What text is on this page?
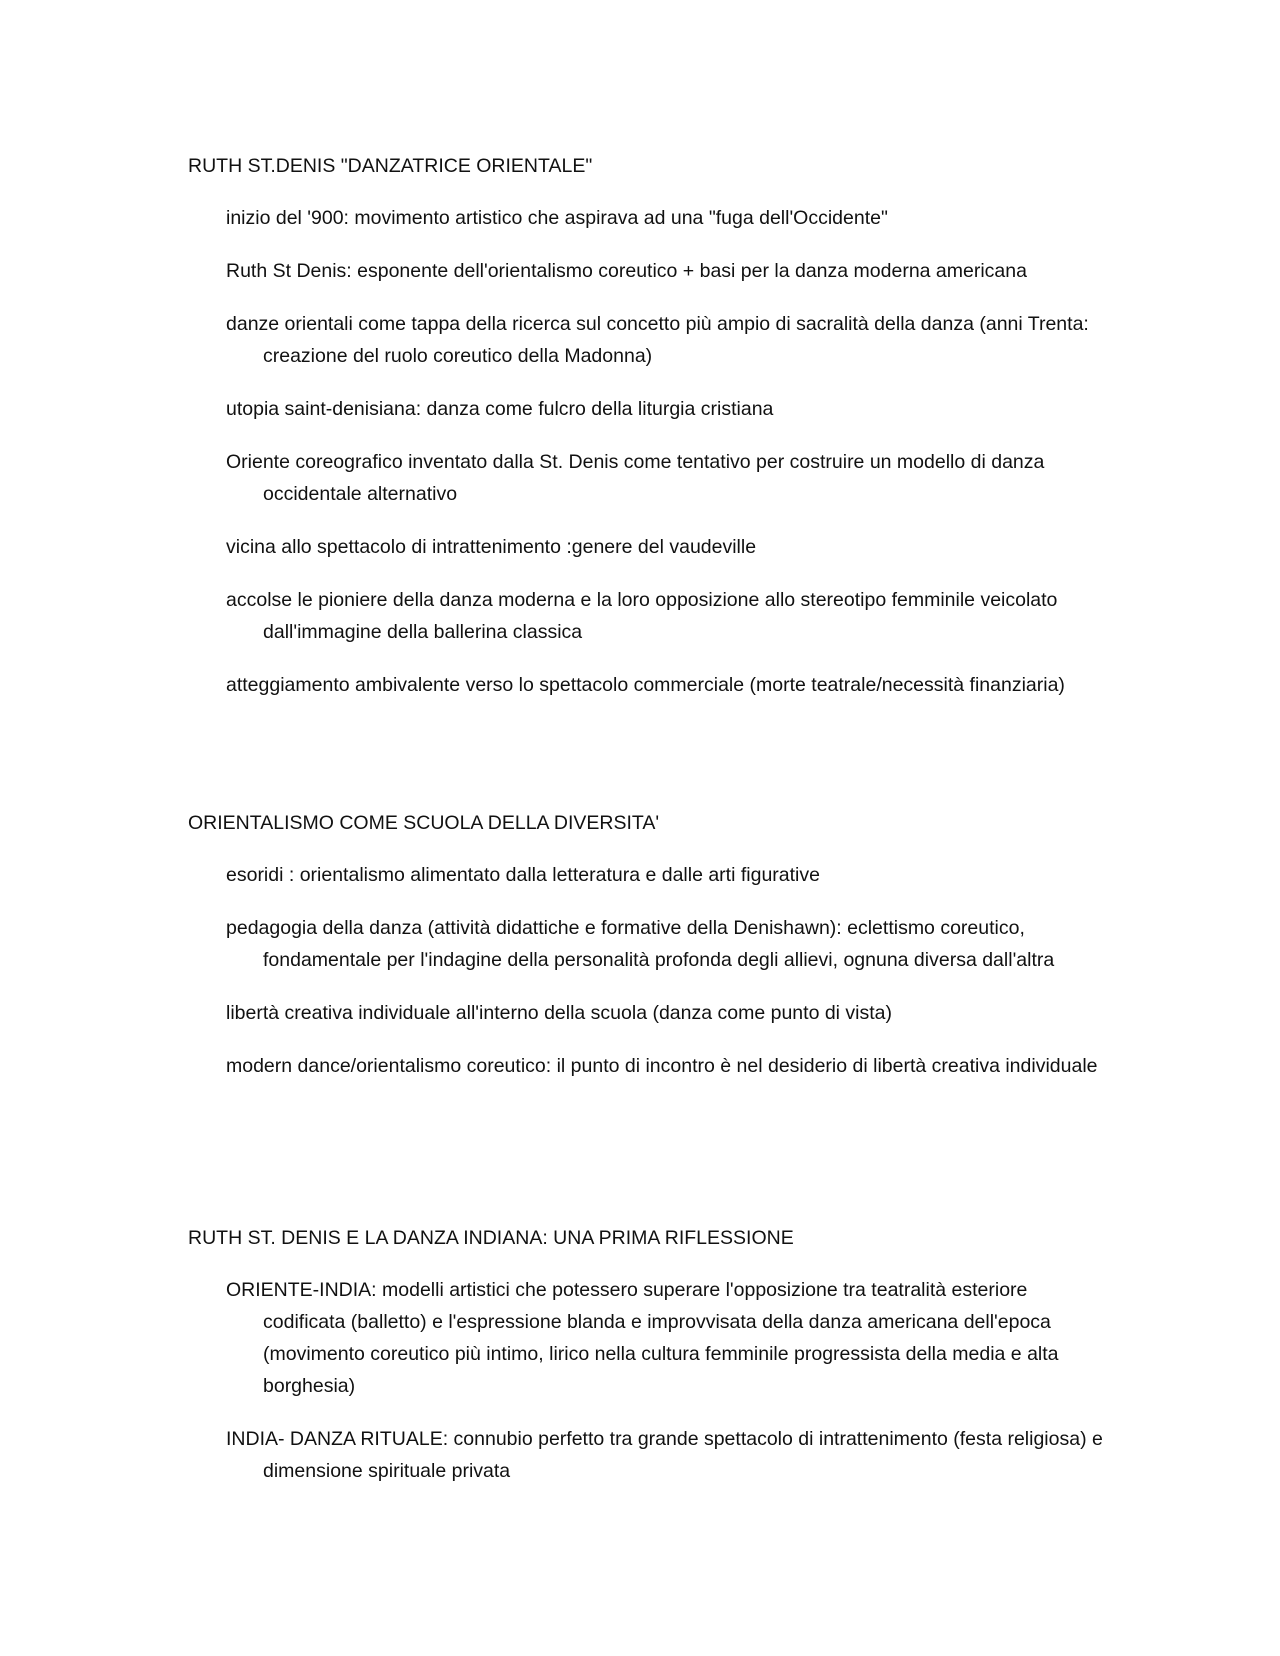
RUTH ST.DENIS "DANZATRICE ORIENTALE"
inizio del '900: movimento artistico che aspirava ad una "fuga dell'Occidente"
Ruth St Denis: esponente dell'orientalismo coreutico + basi per la danza moderna americana
danze orientali come tappa della ricerca sul concetto più ampio di sacralità della danza (anni Trenta: creazione del ruolo coreutico della Madonna)
utopia saint-denisiana: danza come fulcro della liturgia cristiana
Oriente coreografico inventato dalla St. Denis come tentativo per costruire un modello di danza occidentale alternativo
vicina allo spettacolo di intrattenimento :genere del vaudeville
accolse le pioniere della danza moderna e la loro opposizione allo stereotipo femminile veicolato dall'immagine della ballerina classica
atteggiamento ambivalente verso lo spettacolo commerciale (morte teatrale/necessità finanziaria)
ORIENTALISMO COME SCUOLA DELLA DIVERSITA'
esoridi : orientalismo alimentato dalla letteratura e dalle arti figurative
pedagogia della danza (attività didattiche e formative della Denishawn): eclettismo coreutico, fondamentale per l'indagine della personalità profonda degli allievi, ognuna diversa dall'altra
libertà creativa individuale all'interno della scuola (danza come punto di vista)
modern dance/orientalismo coreutico: il punto di incontro è nel desiderio di libertà creativa individuale
RUTH ST. DENIS E LA DANZA INDIANA: UNA PRIMA RIFLESSIONE
ORIENTE-INDIA: modelli artistici che potessero superare l'opposizione tra teatralità esteriore codificata (balletto) e l'espressione blanda e improvvisata della danza americana dell'epoca (movimento coreutico più intimo, lirico nella cultura femminile progressista della media e alta borghesia)
INDIA- DANZA RITUALE: connubio perfetto tra grande spettacolo di intrattenimento (festa religiosa) e dimensione spirituale privata
